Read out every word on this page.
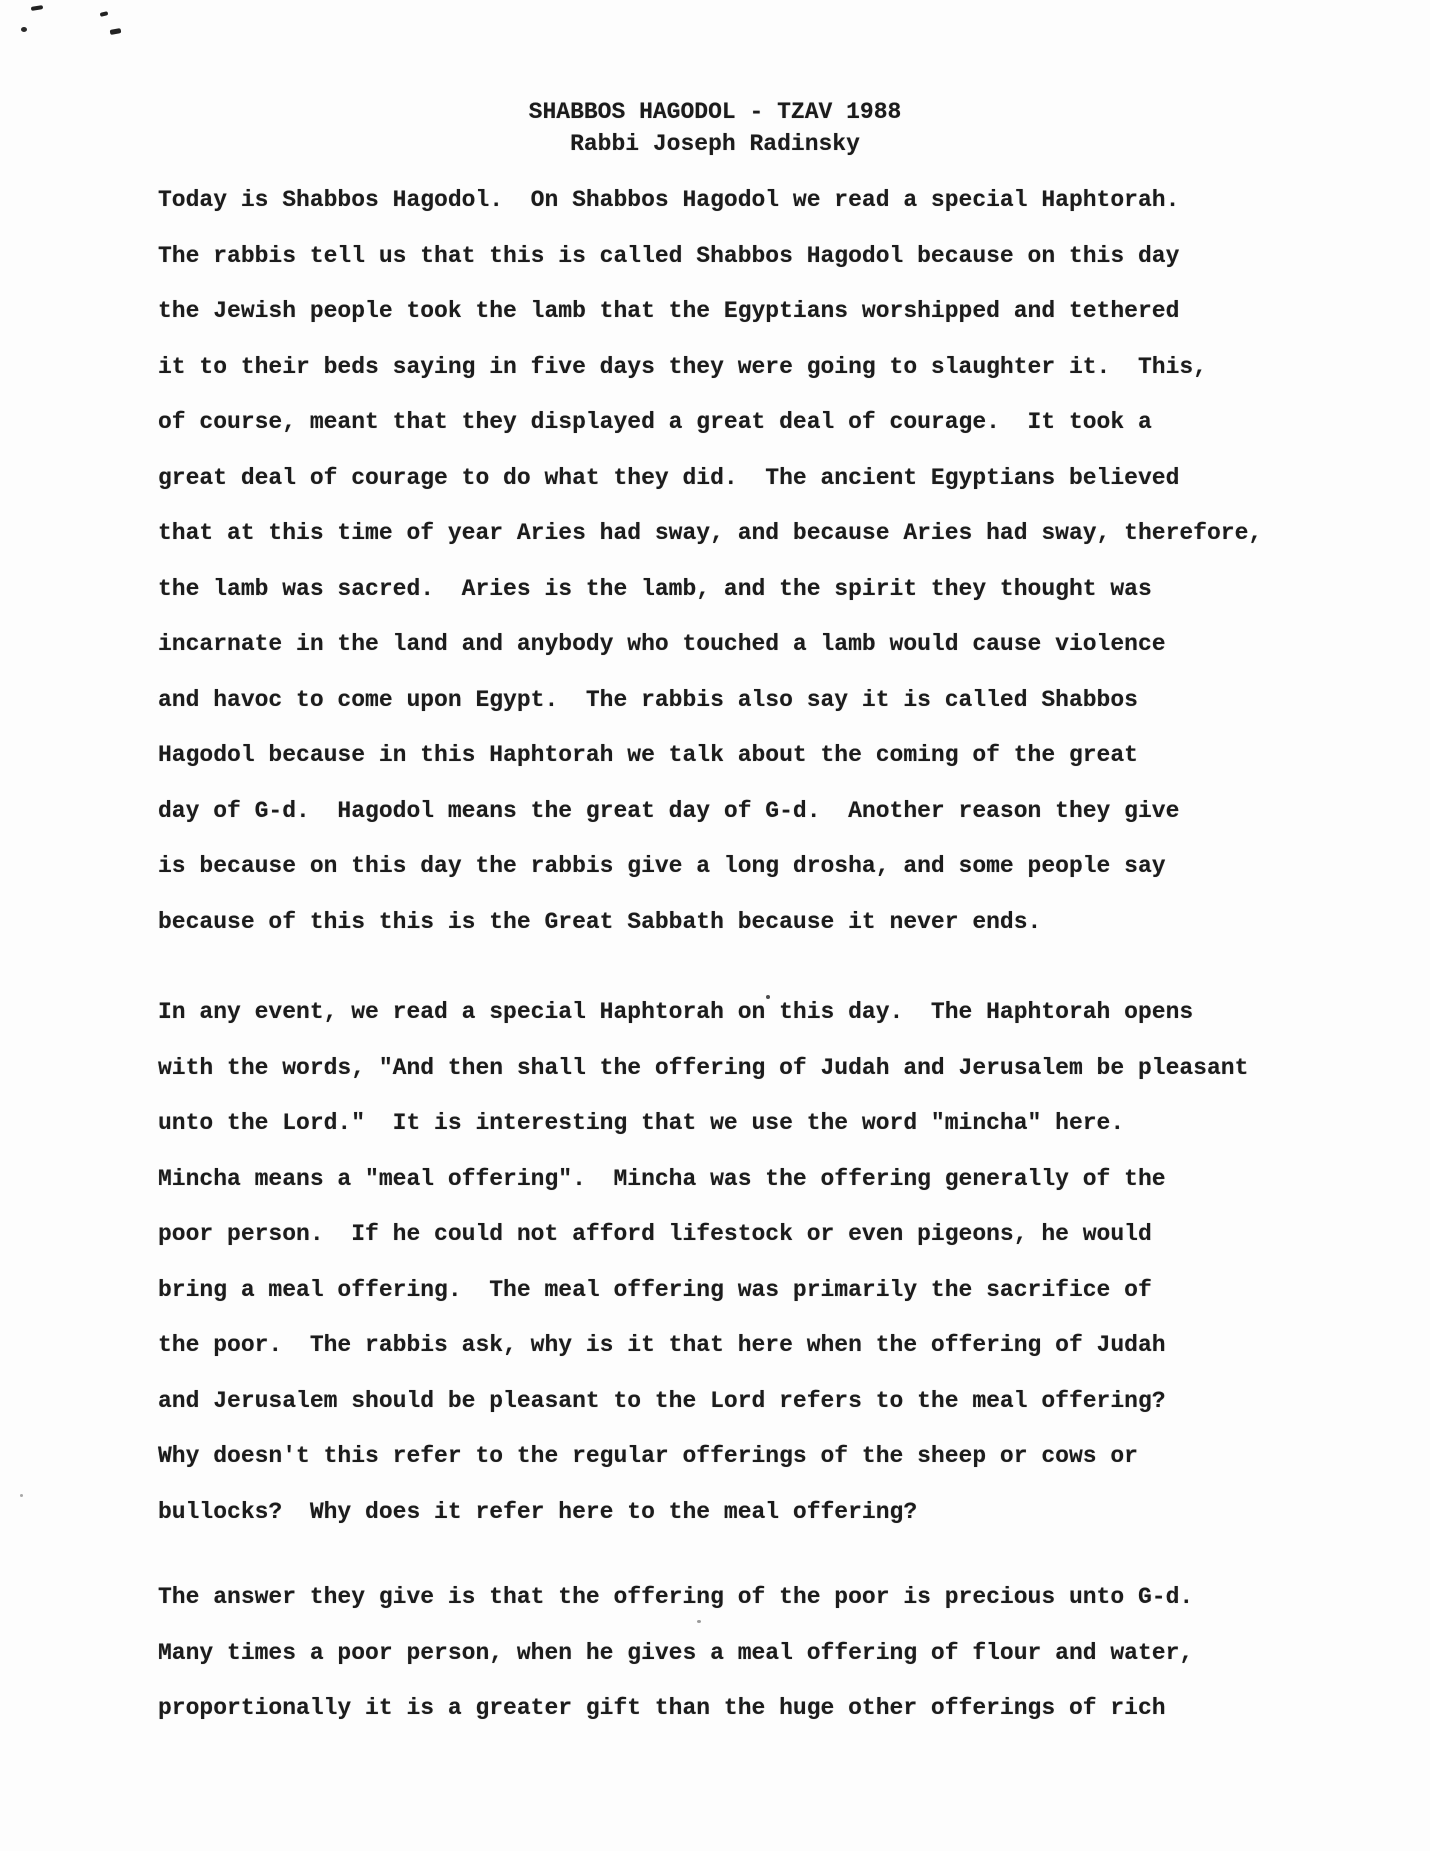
SHABBOS HAGODOL - TZAV 1988
Rabbi Joseph Radinsky
Today is Shabbos Hagodol.  On Shabbos Hagodol we read a special Haphtorah.
The rabbis tell us that this is called Shabbos Hagodol because on this day
the Jewish people took the lamb that the Egyptians worshipped and tethered
it to their beds saying in five days they were going to slaughter it.  This,
of course, meant that they displayed a great deal of courage.  It took a
great deal of courage to do what they did.  The ancient Egyptians believed
that at this time of year Aries had sway, and because Aries had sway, therefore,
the lamb was sacred.  Aries is the lamb, and the spirit they thought was
incarnate in the land and anybody who touched a lamb would cause violence
and havoc to come upon Egypt.  The rabbis also say it is called Shabbos
Hagodol because in this Haphtorah we talk about the coming of the great
day of G-d.  Hagodol means the great day of G-d.  Another reason they give
is because on this day the rabbis give a long drosha, and some people say
because of this this is the Great Sabbath because it never ends.
In any event, we read a special Haphtorah on this day.  The Haphtorah opens
with the words, "And then shall the offering of Judah and Jerusalem be pleasant
unto the Lord."  It is interesting that we use the word "mincha" here.
Mincha means a "meal offering".  Mincha was the offering generally of the
poor person.  If he could not afford lifestock or even pigeons, he would
bring a meal offering.  The meal offering was primarily the sacrifice of
the poor.  The rabbis ask, why is it that here when the offering of Judah
and Jerusalem should be pleasant to the Lord refers to the meal offering?
Why doesn't this refer to the regular offerings of the sheep or cows or
bullocks?  Why does it refer here to the meal offering?
The answer they give is that the offering of the poor is precious unto G-d.
Many times a poor person, when he gives a meal offering of flour and water,
proportionally it is a greater gift than the huge other offerings of rich
